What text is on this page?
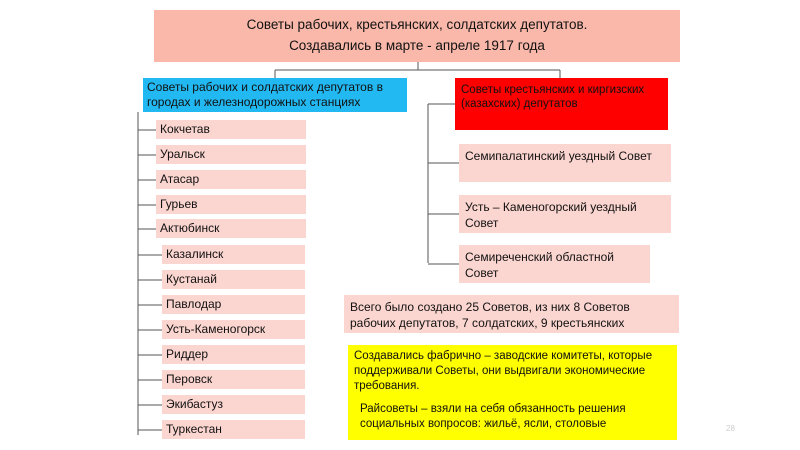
Советы рабочих, крестьянских, солдатских депутатов.
Создавались в марте - апреле 1917 года
Советы рабочих и солдатских депутатов в городах и железнодорожных станциях
Советы крестьянских и киргизских (казахских) депутатов
Кокчетав
Уральск
Атасар
Гурьев
Актюбинск
Казалинск
Кустанай
Павлодар
Усть-Каменогорск
Риддер
Перовск
Экибастуз
Туркестан
Семипалатинский уездный Совет
Усть – Каменогорский уездный Совет
Семиреченский областной Совет
Всего было создано 25 Советов, из них 8 Советов рабочих депутатов, 7 солдатских, 9 крестьянских

Создавались фабрично – заводские комитеты, которые поддерживали Советы, они выдвигали экономические требования.

Райсоветы – взяли на себя обязанность решения социальных вопросов: жильё, ясли, столовые	28
